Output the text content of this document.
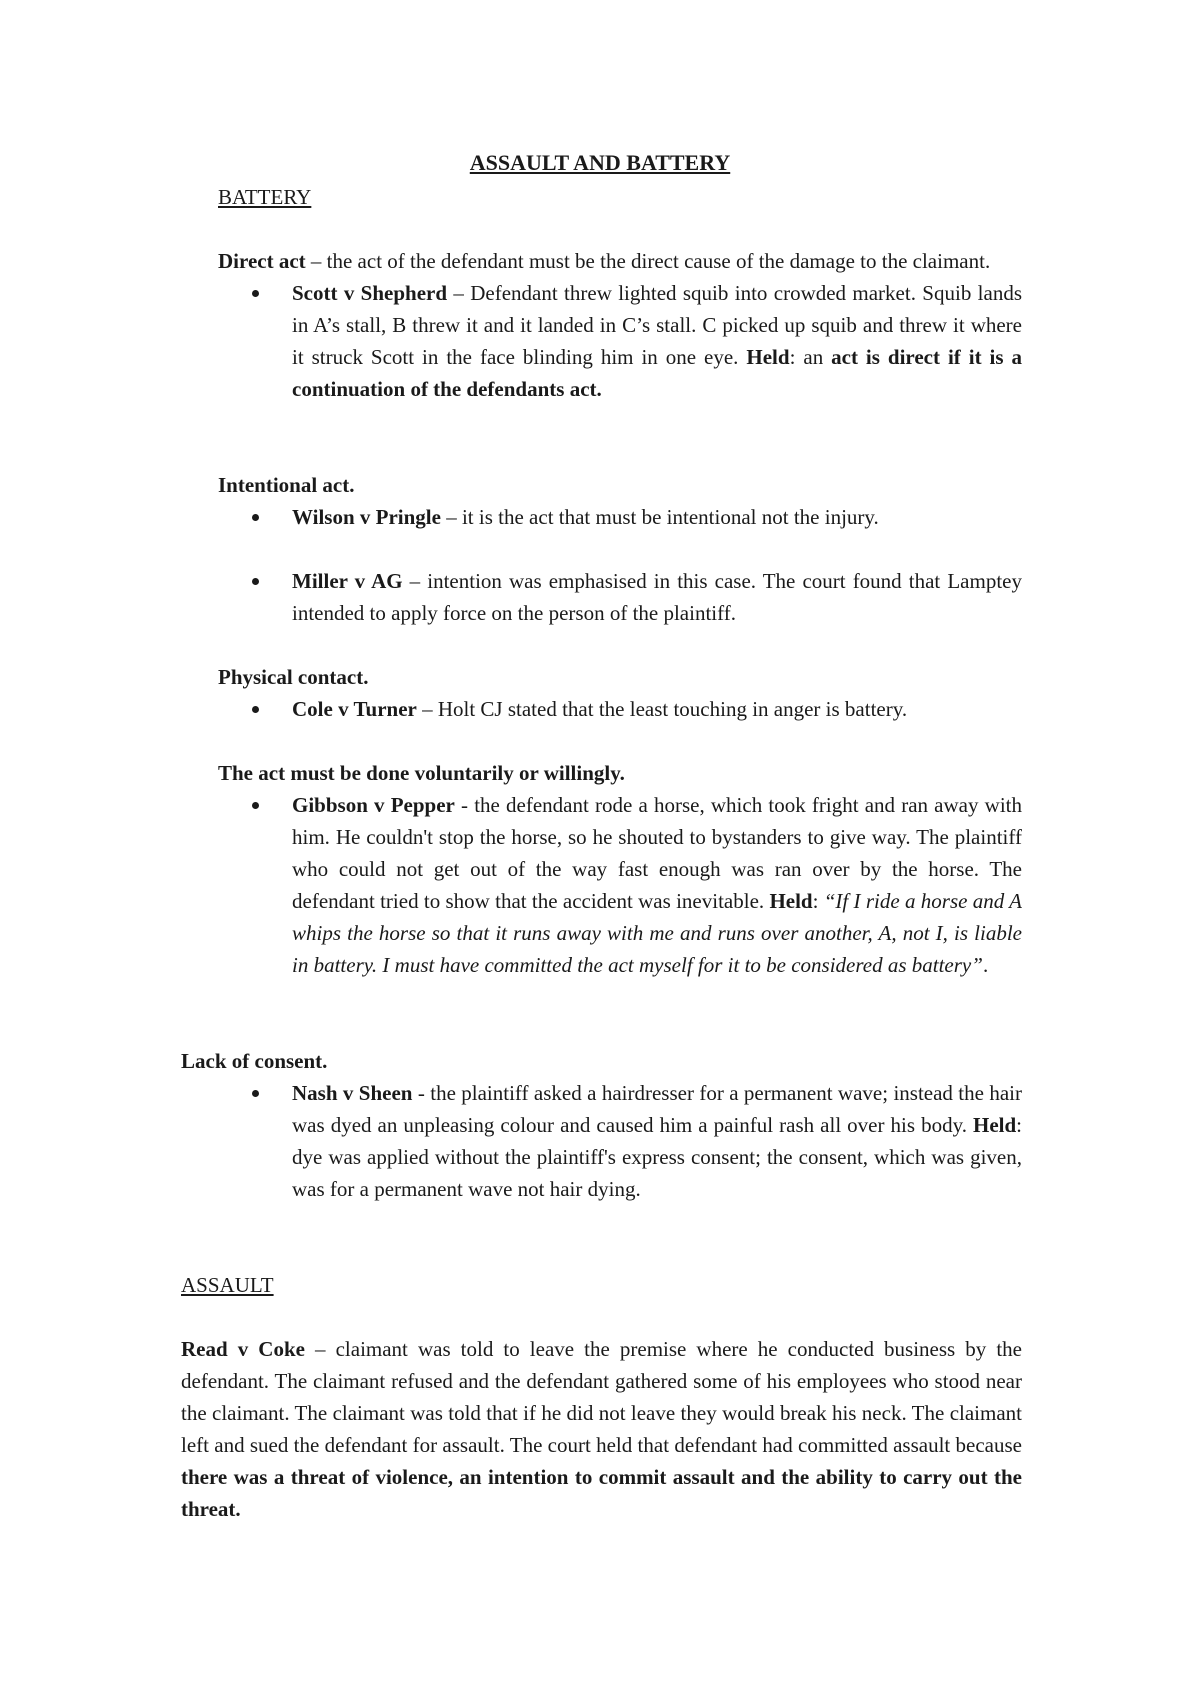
ASSAULT AND BATTERY

BATTERY

Direct act – the act of the defendant must be the direct cause of the damage to the claimant.

Scott v Shepherd – Defendant threw lighted squib into crowded market. Squib lands in A’s stall, B threw it and it landed in C’s stall. C picked up squib and threw it where it struck Scott in the face blinding him in one eye. Held: an act is direct if it is a continuation of the defendants act.

Intentional act.

Wilson v Pringle – it is the act that must be intentional not the injury.
Miller v AG – intention was emphasised in this case. The court found that Lamptey intended to apply force on the person of the plaintiff.

Physical contact.

Cole v Turner – Holt CJ stated that the least touching in anger is battery.

The act must be done voluntarily or willingly.

Gibbson v Pepper - the defendant rode a horse, which took fright and ran away with him. He couldn't stop the horse, so he shouted to bystanders to give way. The plaintiff who could not get out of the way fast enough was ran over by the horse. The defendant tried to show that the accident was inevitable. Held: “If I ride a horse and A whips the horse so that it runs away with me and runs over another, A, not I, is liable in battery. I must have committed the act myself for it to be considered as battery”.

Lack of consent.

Nash v Sheen - the plaintiff asked a hairdresser for a permanent wave; instead the hair was dyed an unpleasing colour and caused him a painful rash all over his body. Held: dye was applied without the plaintiff's express consent; the consent, which was given, was for a permanent wave not hair dying.

ASSAULT

Read v Coke – claimant was told to leave the premise where he conducted business by the defendant. The claimant refused and the defendant gathered some of his employees who stood near the claimant. The claimant was told that if he did not leave they would break his neck. The claimant left and sued the defendant for assault. The court held that defendant had committed assault because there was a threat of violence, an intention to commit assault and the ability to carry out the threat.
